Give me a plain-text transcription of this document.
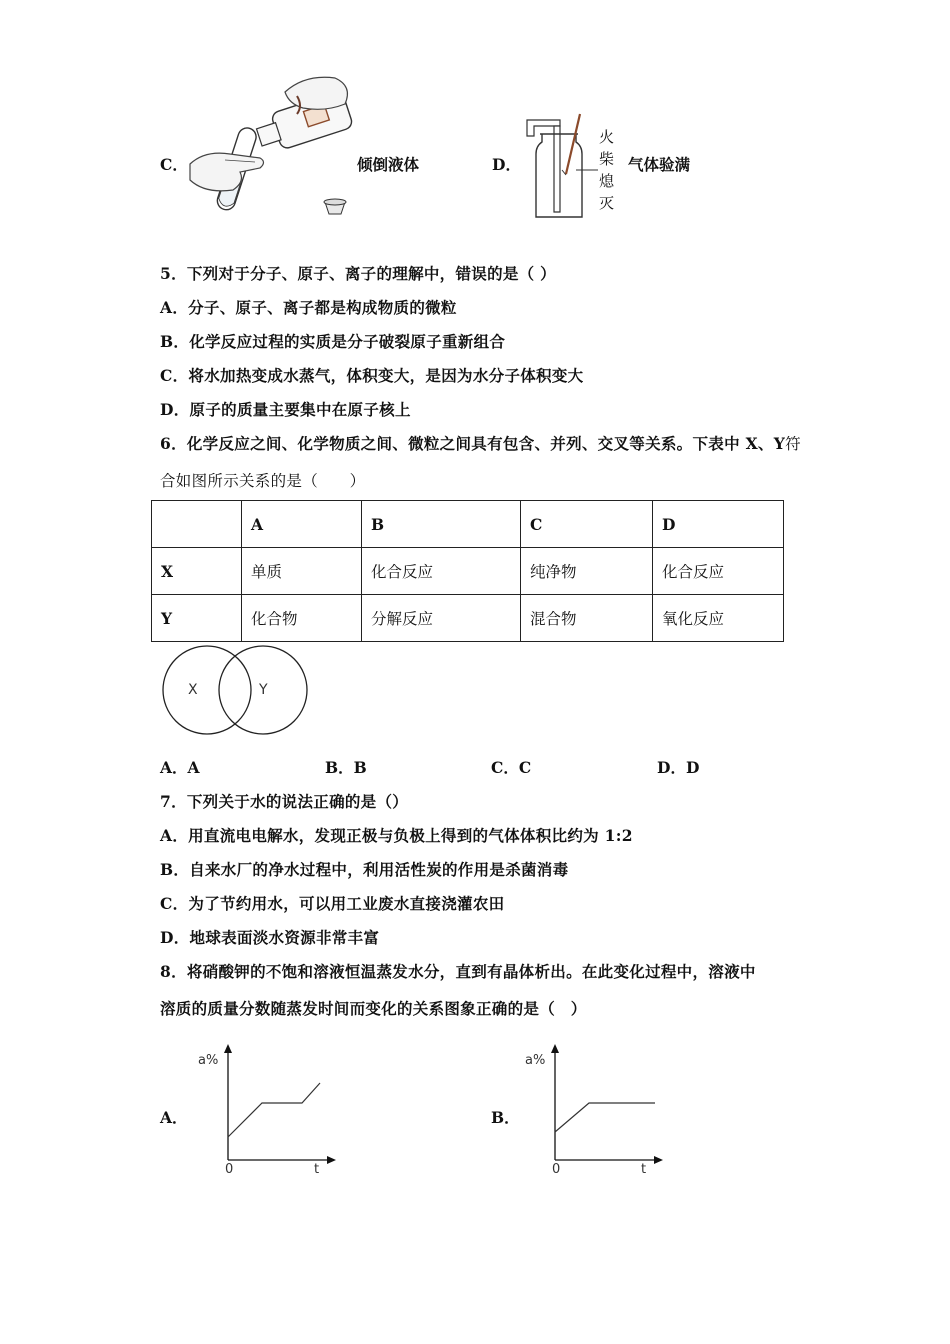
C．	倾倒液体	D．
火
柴
熄
灭
气体验满
5．下列对于分子、原子、离子的理解中，错误的是（ ）
A．分子、原子、离子都是构成物质的微粒
B．化学反应过程的实质是分子破裂原子重新组合
C．将水加热变成水蒸气，体积变大，是因为水分子体积变大
D．原子的质量主要集中在原子核上
6．化学反应之间、化学物质之间、微粒之间具有包含、并列、交叉等关系。下表中 X、Y符
合如图所示关系的是（　　）
	A	B	C	D
X	单质	化合反应	纯净物	化合反应
Y	化合物	分解反应	混合物	氧化反应
X	Y
A．A	B．B	C．C	D．D
7．下列关于水的说法正确的是（）
A．用直流电电解水，发现正极与负极上得到的气体体积比约为 1:2
B．自来水厂的净水过程中，利用活性炭的作用是杀菌消毒
C．为了节约用水，可以用工业废水直接浇灌农田
D．地球表面淡水资源非常丰富
8．将硝酸钾的不饱和溶液恒温蒸发水分，直到有晶体析出。在此变化过程中，溶液中
溶质的质量分数随蒸发时间而变化的关系图象正确的是（　）
A．
a%
0	t
B．
a%
0	t
